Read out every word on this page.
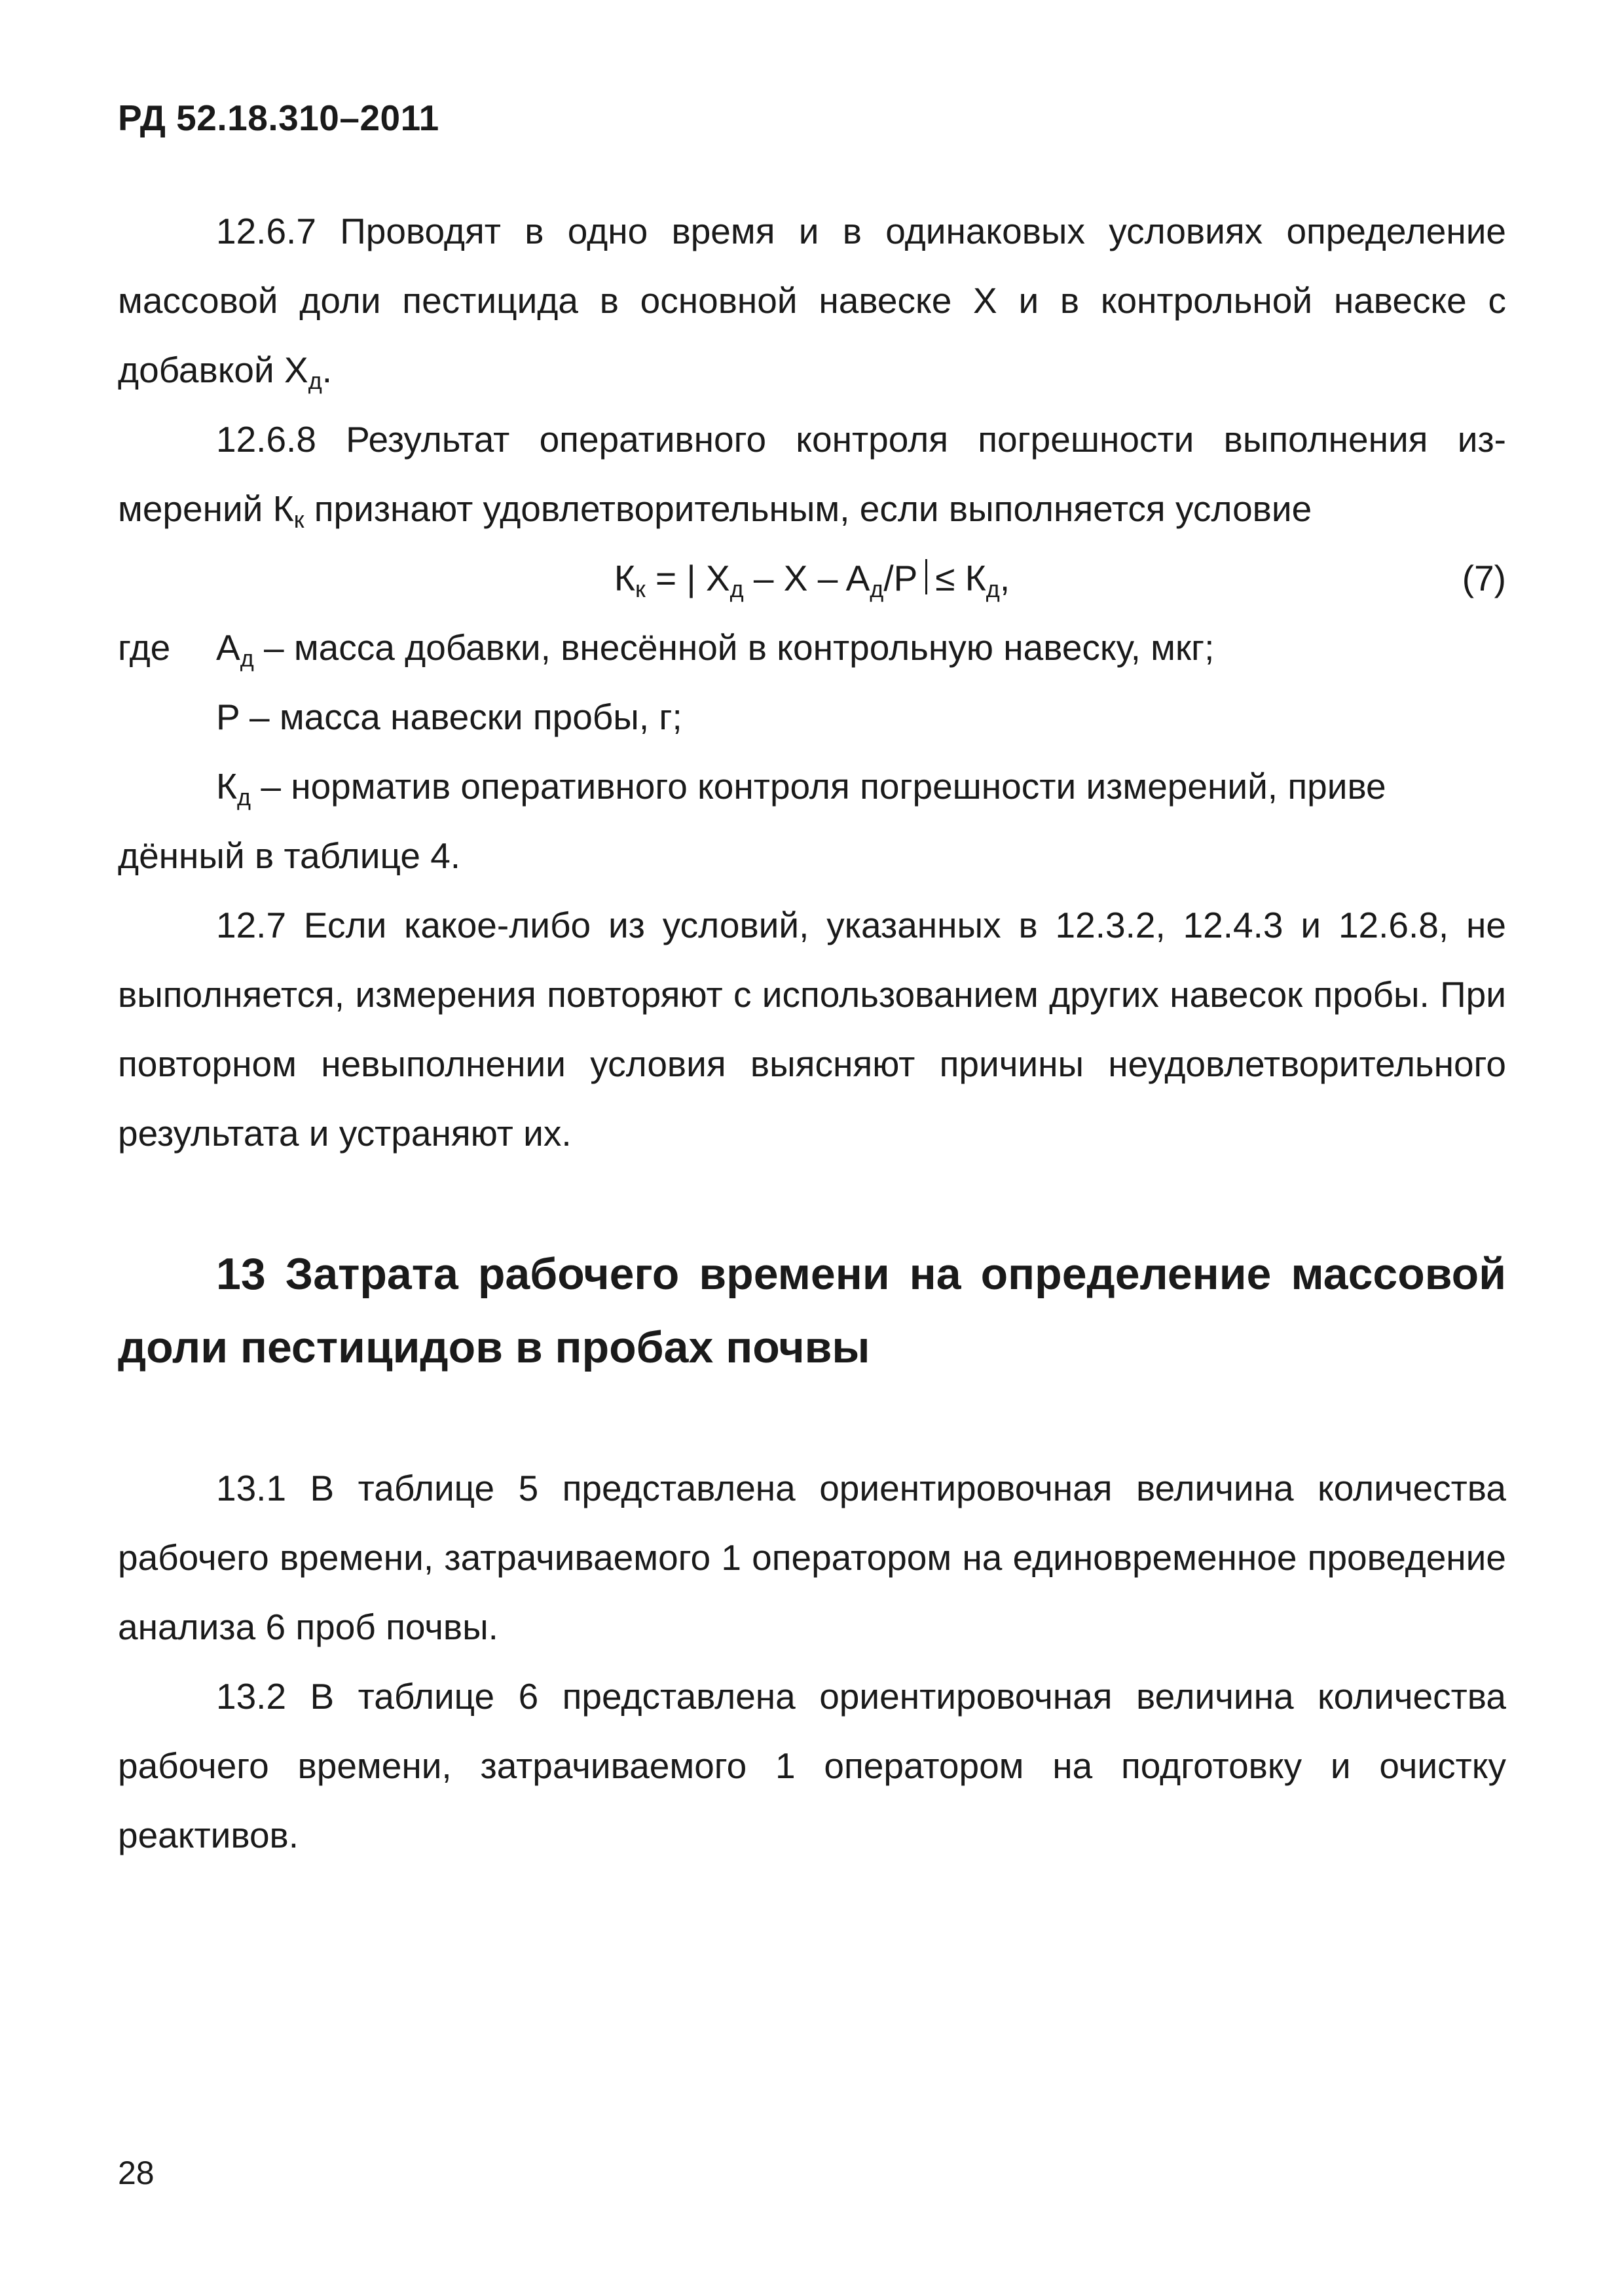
РД 52.18.310–2011

12.6.7 Проводят в одно время и в одинаковых условиях определение массовой доли пестицида в основной навеске X и в контрольной навеске с добавкой $X_д$.

12.6.8 Результат оперативного контроля погрешности выполнения измерений $К_к$ признают удовлетворительным, если выполняется условие

$К_к$ = | $X_д - X - A_д/P \le К_д$,	(7)
где $A_д$ – масса добавки, внесённой в контрольную навеску, мкг;
P – масса навески пробы, г;
$К_д$ – норматив оперативного контроля погрешности измерений, приве
дённый в таблице 4.

12.7 Если какое-либо из условий, указанных в 12.3.2, 12.4.3 и 12.6.8, не выполняется, измерения повторяют с использованием других навесок пробы. При повторном невыполнении условия выясняют причины неудовлетворительного результата и устраняют их.

13 Затрата рабочего времени на определение массовой доли пестицидов в пробах почвы

13.1 В таблице 5 представлена ориентировочная величина количества рабочего времени, затрачиваемого 1 оператором на единовременное проведение анализа 6 проб почвы.

13.2 В таблице 6 представлена ориентировочная величина количества рабочего времени, затрачиваемого 1 оператором на подготовку и очистку реактивов.

28
